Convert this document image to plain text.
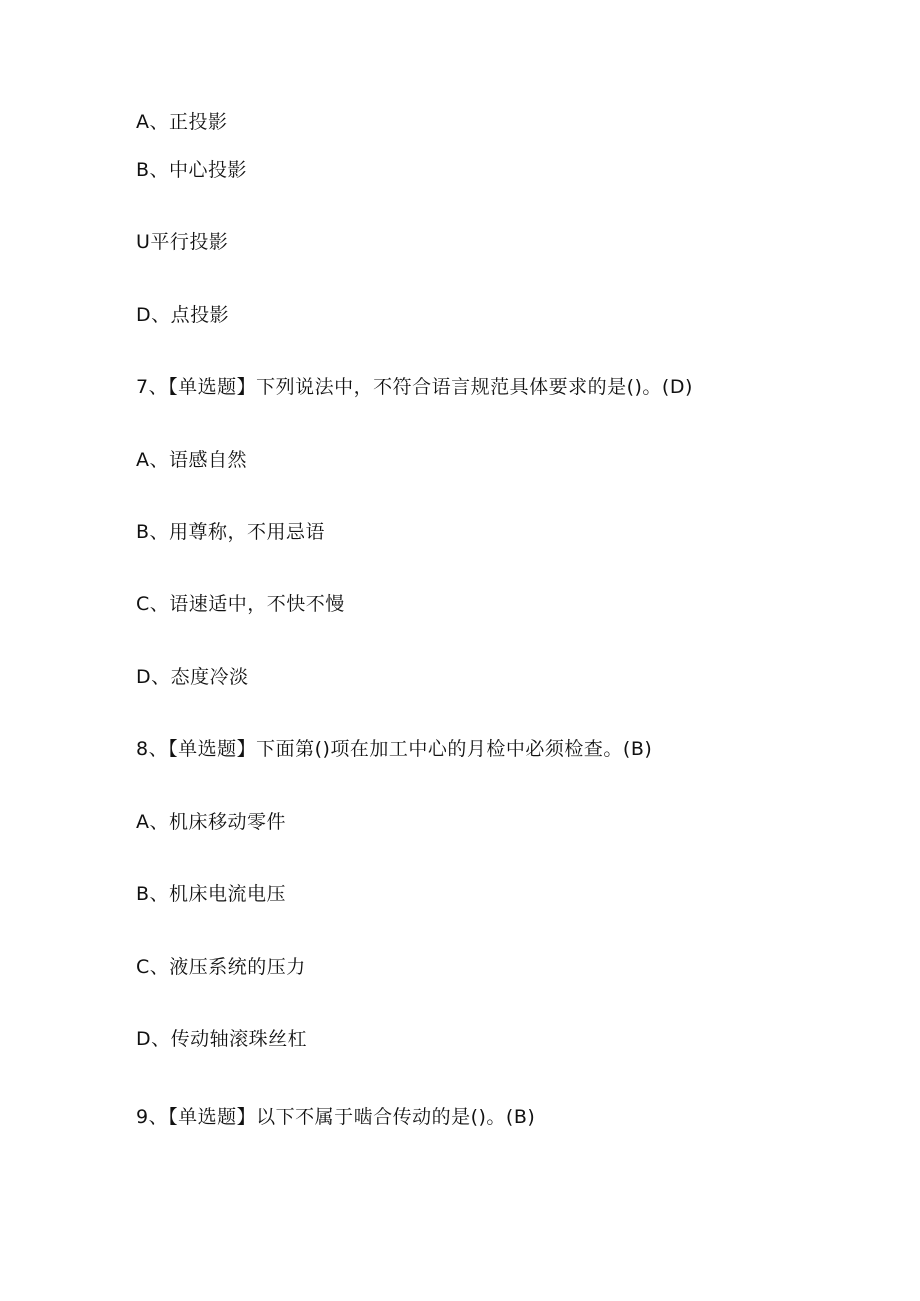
A、正投影
B、中心投影
U平行投影
D、点投影
7、【单选题】下列说法中，不符合语言规范具体要求的是()。(D)
A、语感自然
B、用尊称，不用忌语
C、语速适中，不快不慢
D、态度冷淡
8、【单选题】下面第()项在加工中心的月检中必须检查。(B)
A、机床移动零件
B、机床电流电压
C、液压系统的压力
D、传动轴滚珠丝杠
9、【单选题】以下不属于啮合传动的是()。(B)
